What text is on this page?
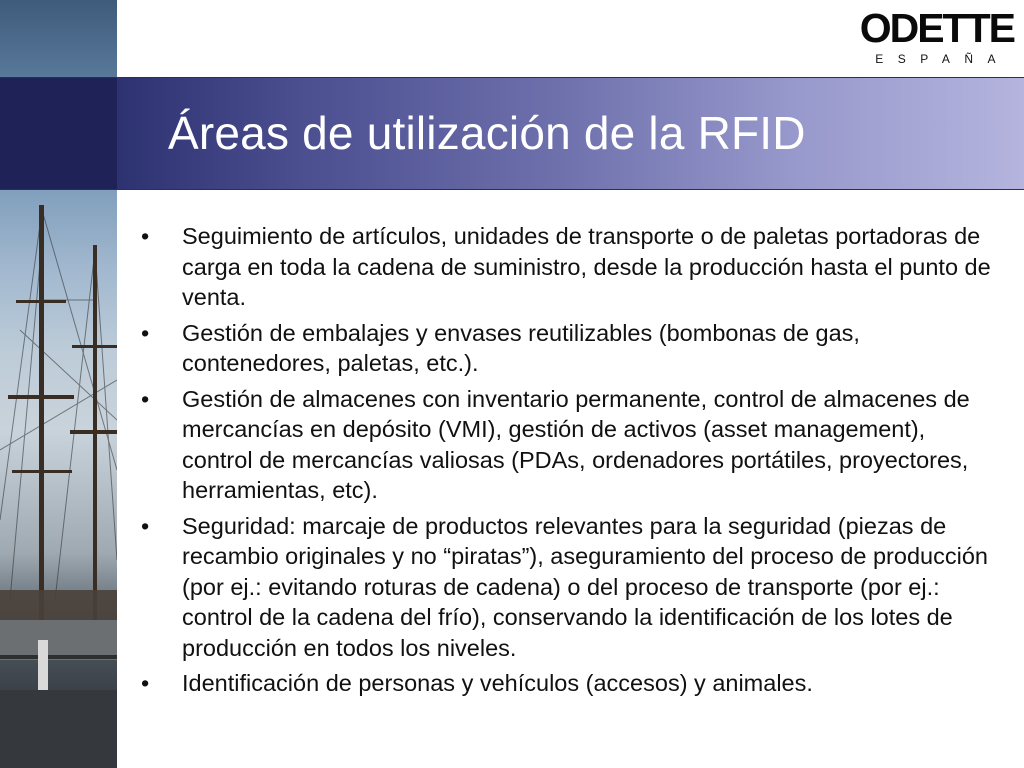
ODETTE
ESPAÑA
Áreas de utilización de la RFID
•	Seguimiento de artículos, unidades de transporte o de paletas portadoras de carga en toda la cadena de suministro, desde la producción hasta el punto de venta.
•	Gestión de embalajes y envases reutilizables (bombonas de gas, contenedores, paletas, etc.).
•	Gestión de almacenes con inventario permanente, control de almacenes de mercancías en depósito (VMI), gestión de activos (asset management), control de mercancías valiosas (PDAs, ordenadores portátiles, proyectores, herramientas, etc).
•	Seguridad: marcaje de productos relevantes para la seguridad (piezas de recambio originales y no “piratas”), aseguramiento del proceso de producción (por ej.: evitando roturas de cadena) o del proceso de transporte (por ej.: control de la cadena del frío), conservando la identificación de los lotes de producción en todos los niveles.
•	Identificación de personas y vehículos (accesos) y animales.
